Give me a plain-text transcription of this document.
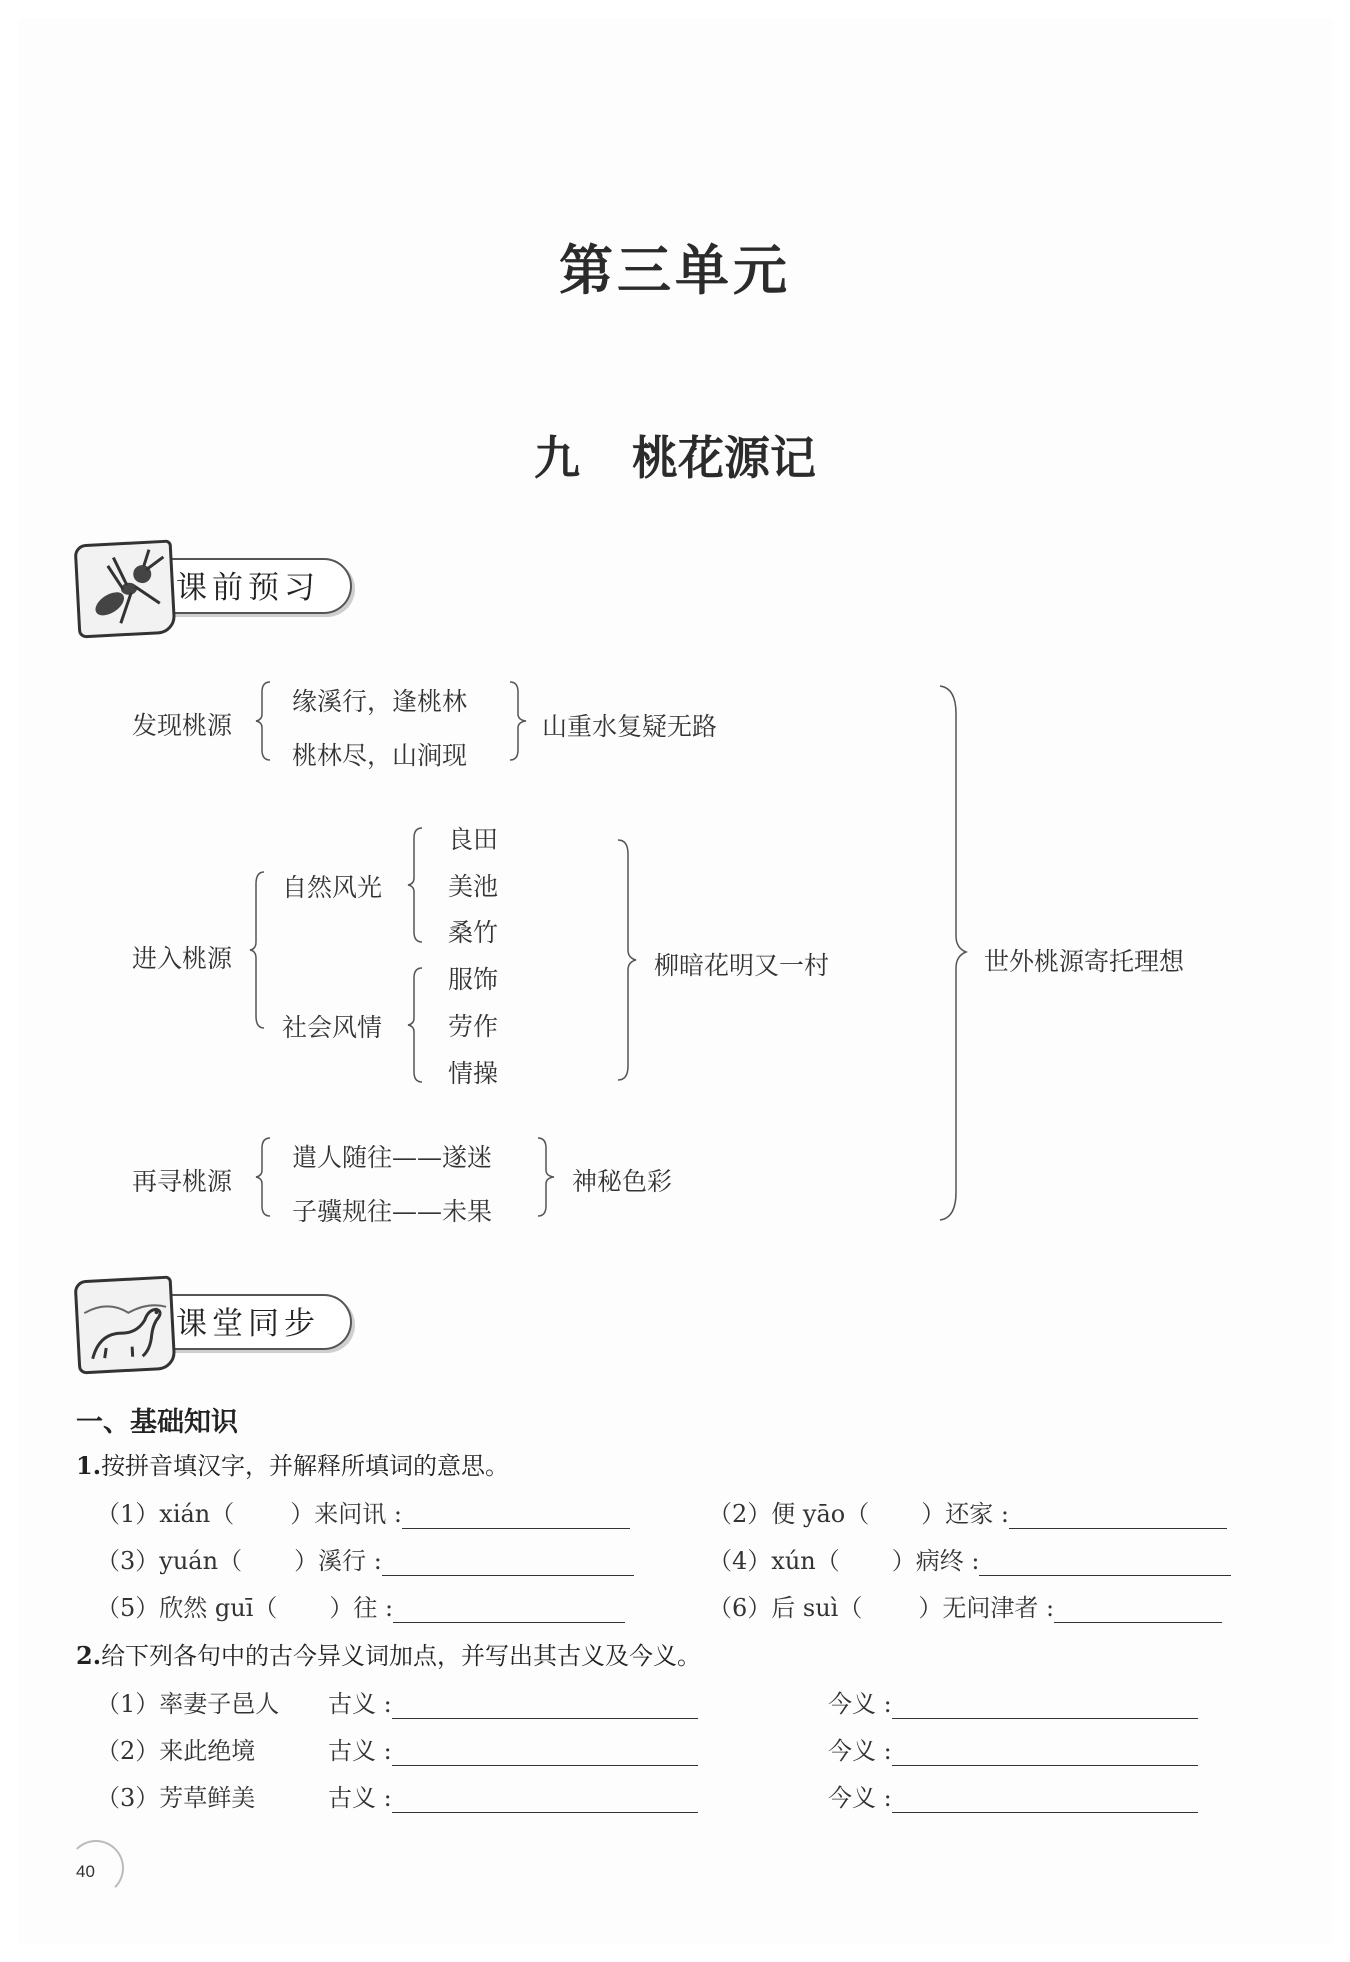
第三单元
九 桃花源记
课前预习
发现桃源
缘溪行，逢桃林
桃林尽，山涧现
山重水复疑无路
进入桃源
自然风光
社会风情
良田
美池
桑竹
服饰
劳作
情操
柳暗花明又一村
再寻桃源
遣人随往——遂迷
子骥规往——未果
神秘色彩
世外桃源寄托理想
课堂同步
一、基础知识
1.按拼音填汉字，并解释所填词的意思。
（1）xián（ ）来问讯 :	（2）便 yāo（ ）还家 :
（3）yuán（ ）溪行 :	（4）xún（ ）病终 :
（5）欣然 guī（ ）往 :	（6）后 suì（ ）无问津者 :
2.给下列各句中的古今异义词加点，并写出其古义及今义。
（1）率妻子邑人 古义 :	今义 :
（2）来此绝境	古义 :	今义 :
（3）芳草鲜美	古义 :	今义 :
40
